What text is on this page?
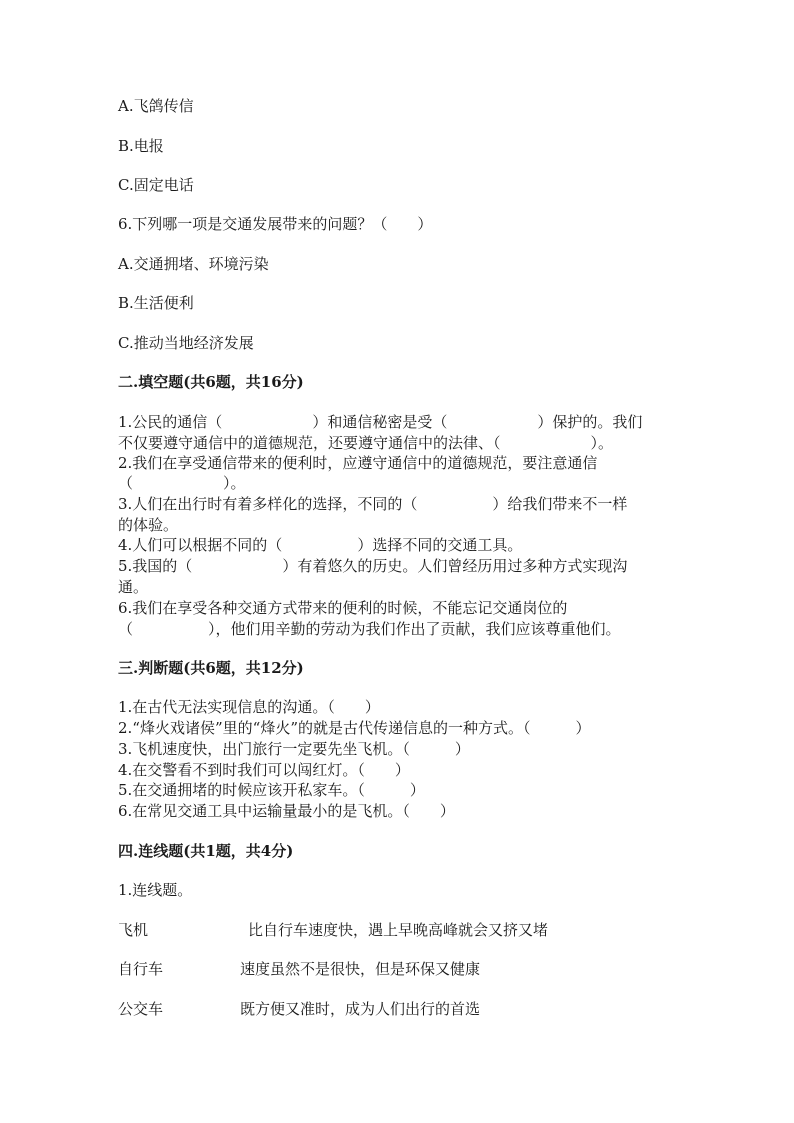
A.飞鸽传信
B.电报
C.固定电话
6.下列哪一项是交通发展带来的问题？（　　）
A.交通拥堵、环境污染
B.生活便利
C.推动当地经济发展
二.填空题(共6题，共16分)
1.公民的通信（　　　　　　）和通信秘密是受（　　　　　　）保护的。我们
不仅要遵守通信中的道德规范，还要遵守通信中的法律、（　　　　　　）。
2.我们在享受通信带来的便利时，应遵守通信中的道德规范，要注意通信
（　　　　　　）。
3.人们在出行时有着多样化的选择，不同的（　　　　　）给我们带来不一样
的体验。
4.人们可以根据不同的（　　　　　）选择不同的交通工具。
5.我国的（　　　　　　）有着悠久的历史。人们曾经历用过多种方式实现沟
通。
6.我们在享受各种交通方式带来的便利的时候，不能忘记交通岗位的
（　　　　　），他们用辛勤的劳动为我们作出了贡献，我们应该尊重他们。
三.判断题(共6题，共12分)
1.在古代无法实现信息的沟通。（　　）
2.“烽火戏诸侯”里的“烽火”的就是古代传递信息的一种方式。（　　　）
3.飞机速度快，出门旅行一定要先坐飞机。（　　　）
4.在交警看不到时我们可以闯红灯。（　　）
5.在交通拥堵的时候应该开私家车。（　　　）
6.在常见交通工具中运输量最小的是飞机。（　　）
四.连线题(共1题，共4分)
1.连线题。
飞机	比自行车速度快，遇上早晚高峰就会又挤又堵
自行车	速度虽然不是很快，但是环保又健康
公交车	既方便又准时，成为人们出行的首选
